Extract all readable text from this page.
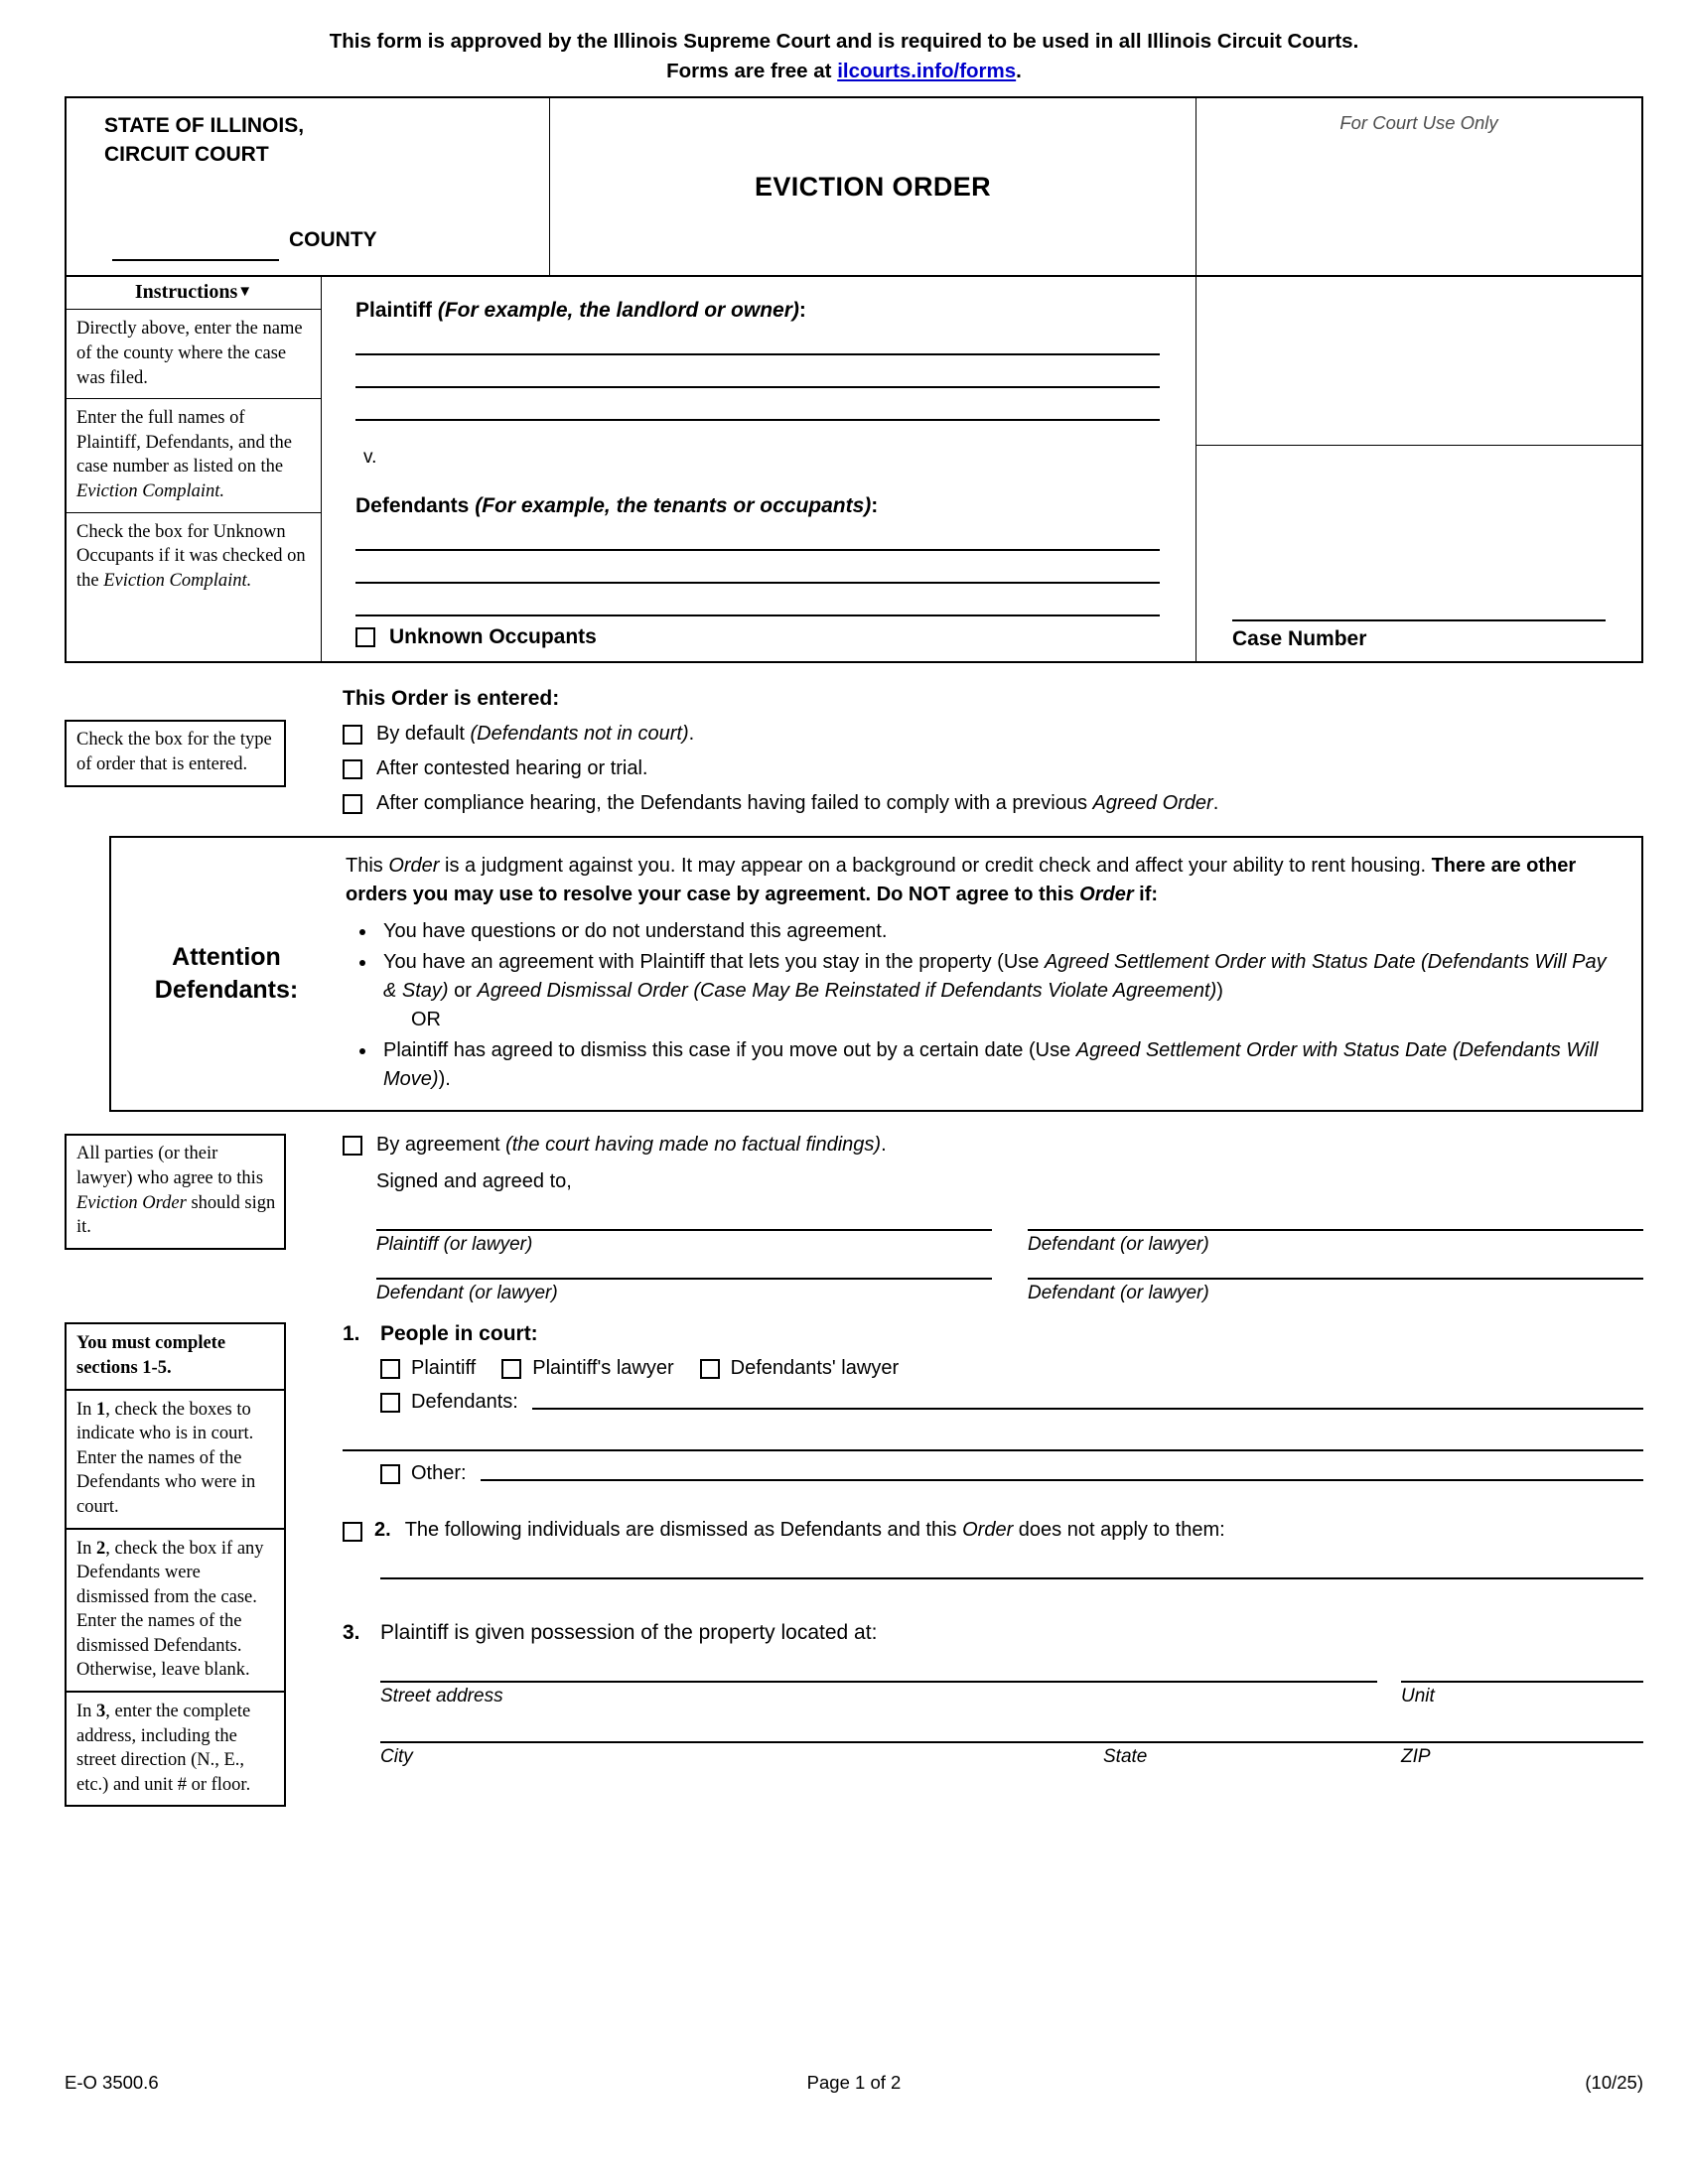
This form is approved by the Illinois Supreme Court and is required to be used in all Illinois Circuit Courts.
Forms are free at ilcourts.info/forms.
STATE OF ILLINOIS,
CIRCUIT COURT
COUNTY
EVICTION ORDER
For Court Use Only
Instructions▼
Directly above, enter the name of the county where the case was filed.
Enter the full names of Plaintiff, Defendants, and the case number as listed on the Eviction Complaint.
Check the box for Unknown Occupants if it was checked on the Eviction Complaint.
Plaintiff (For example, the landlord or owner):
v.
Defendants (For example, the tenants or occupants):
Unknown Occupants	Case Number
Check the box for the type of order that is entered.
This Order is entered:
By default (Defendants not in court).
After contested hearing or trial.
After compliance hearing, the Defendants having failed to comply with a previous Agreed Order.
Attention
Defendants:
This Order is a judgment against you. It may appear on a background or credit check and affect your ability to rent housing. There are other orders you may use to resolve your case by agreement. Do NOT agree to this Order if:
• You have questions or do not understand this agreement.
• You have an agreement with Plaintiff that lets you stay in the property (Use Agreed Settlement Order with Status Date (Defendants Will Pay & Stay) or Agreed Dismissal Order (Case May Be Reinstated if Defendants Violate Agreement))
OR
• Plaintiff has agreed to dismiss this case if you move out by a certain date (Use Agreed Settlement Order with Status Date (Defendants Will Move)).
All parties (or their lawyer) who agree to this Eviction Order should sign it.
By agreement (the court having made no factual findings).
Signed and agreed to,
Plaintiff (or lawyer)	Defendant (or lawyer)
Defendant (or lawyer)	Defendant (or lawyer)
You must complete sections 1-5.
In 1, check the boxes to indicate who is in court. Enter the names of the Defendants who were in court.
In 2, check the box if any Defendants were dismissed from the case. Enter the names of the dismissed Defendants. Otherwise, leave blank.
In 3, enter the complete address, including the street direction (N., E., etc.) and unit # or floor.
1. People in court:
Plaintiff	Plaintiff's lawyer	Defendants' lawyer
Defendants:
Other:
2. The following individuals are dismissed as Defendants and this Order does not apply to them:
3. Plaintiff is given possession of the property located at:
Street address	Unit
City	State	ZIP
E-O 3500.6	Page 1 of 2	(10/25)
